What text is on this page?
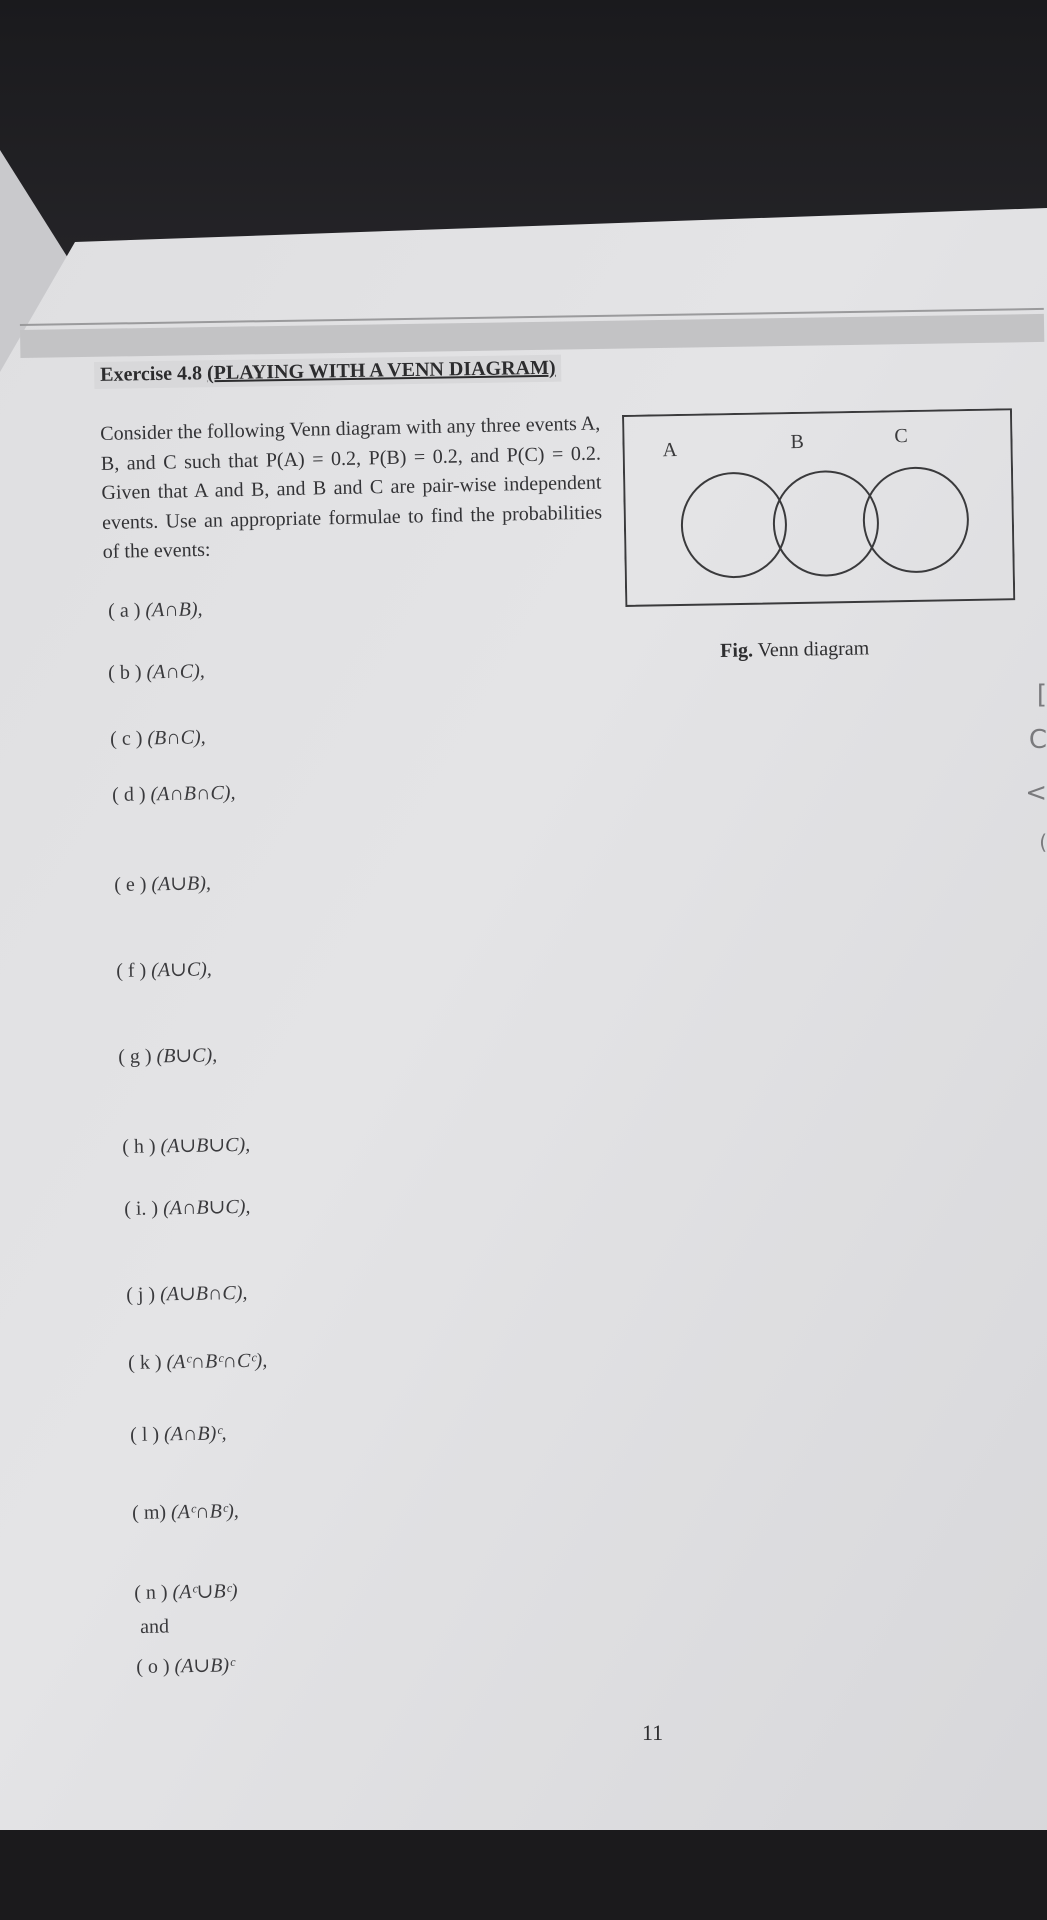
Exercise 4.8 (PLAYING WITH A VENN DIAGRAM)
Consider the following Venn diagram with any three events A, B, and C such that P(A) = 0.2, P(B) = 0.2, and P(C) = 0.2. Given that A and B, and B and C are pair-wise independent events. Use an appropriate formulae to find the probabilities of the events:
( a ) (A∩B),
( b ) (A∩C),
( c ) (B∩C),
( d ) (A∩B∩C),
( e ) (A∪B),
( f ) (A∪C),
( g ) (B∪C),
( h ) (A∪B∪C),
( i. ) (A∩B∪C),
( j ) (A∪B∩C),
( k ) (Aᶜ∩Bᶜ∩Cᶜ),
( l ) (A∩B)ᶜ,
( m) (Aᶜ∩Bᶜ),
( n ) (Aᶜ∪Bᶜ)
and
( o ) (A∪B)ᶜ
A	B	C
Fig. Venn diagram
11
[
C
<
(
